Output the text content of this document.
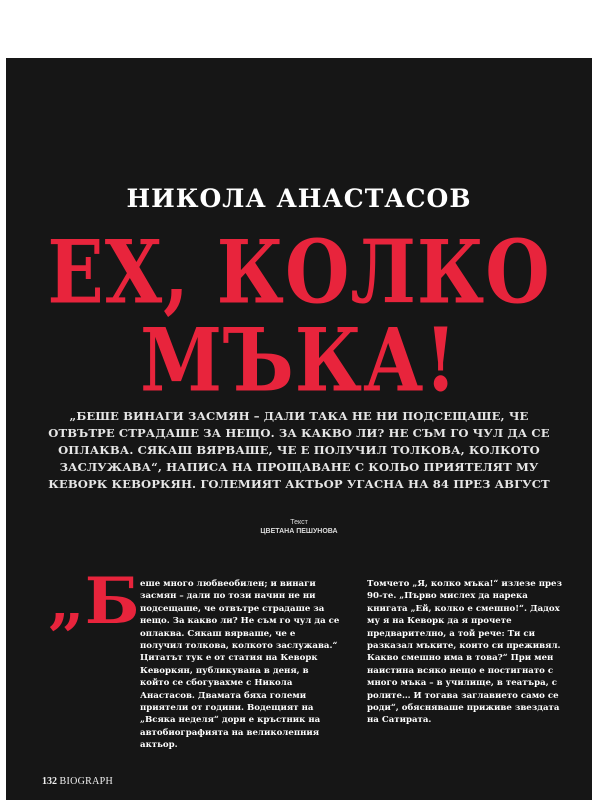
НИКОЛА АНАСТАСОВ
ЕХ, КОЛКО
МЪКА!
„БЕШЕ ВИНАГИ ЗАСМЯН – ДАЛИ ТАКА НЕ НИ ПОДСЕЩАШЕ, ЧЕ ОТВЪТРЕ СТРАДАШЕ ЗА НЕЩО. ЗА КАКВО ЛИ? НЕ СЪМ ГО ЧУЛ ДА СЕ ОПЛАКВА. СЯКАШ ВЯРВАШЕ, ЧЕ Е ПОЛУЧИЛ ТОЛКОВА, КОЛКОТО ЗАСЛУЖАВА“, НАПИСА НА ПРОЩАВАНЕ С КОЛЬО ПРИЯТЕЛЯТ МУ КЕВОРК КЕВОРКЯН. ГОЛЕМИЯТ АКТЬОР УГАСНА НА 84 ПРЕЗ АВГУСТ
Текст
ЦВЕТАНА ПЕШУНОВА
„Б еше много любвеобилен; и винаги засмян – дали по този начин не ни подсещаше, че отвътре страдаше за нещо. За какво ли? Не съм го чул да се оплаква. Сякаш вярваше, че е получил толкова, колкото заслужава.“ Цитатът тук е от статия на Кеворк Кеворкян, публикувана в деня, в който се сбогувахме с Никола Анастасов. Двамата бяха големи приятели от години. Водещият на „Всяка неделя“ дори е кръстник на автобиографията на великолепния актьор.
Томчето „Я, колко мъка!“ излезе през 90-те. „Първо мислех да нарека книгата „Ей, колко е смешно!“. Дадох му я на Кеворк да я прочете предварително, а той рече: Ти си разказал мъките, които си преживял. Какво смешно има в това?“ При мен наистина всяко нещо е постигнато с много мъка – в училище, в театъра, с ролите… И тогава заглавието само се роди“, обясняваше приживе звездата на Сатирата.
132 BIOGRAPH
